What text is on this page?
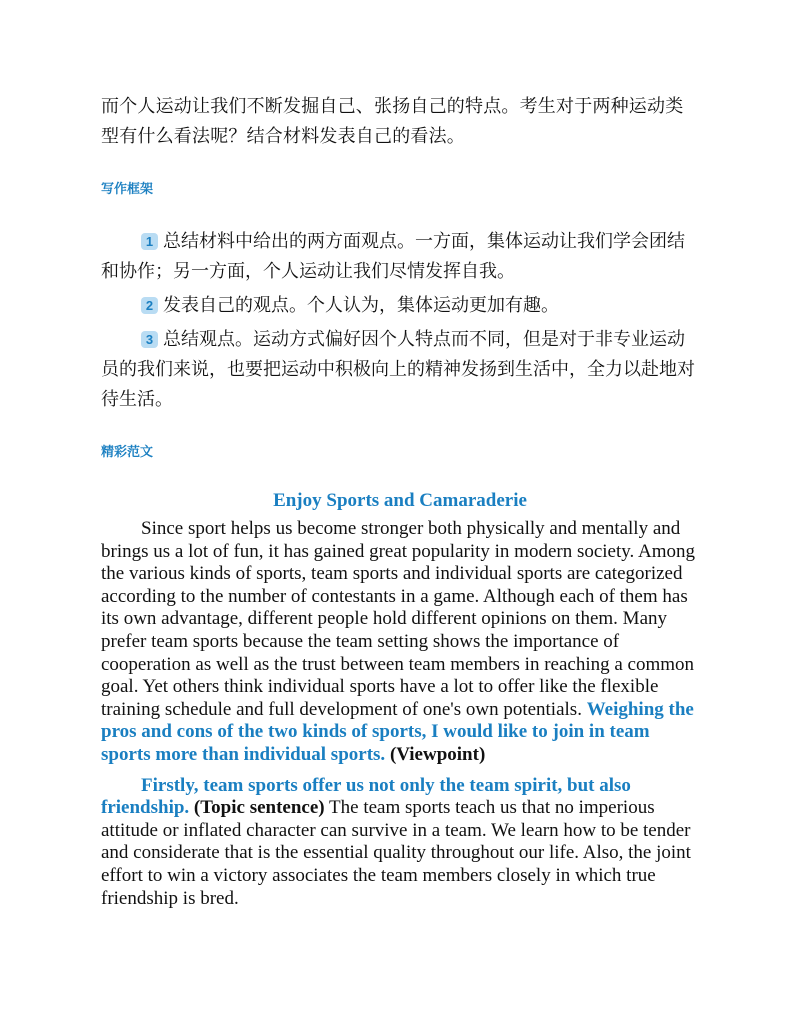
而个人运动让我们不断发掘自己、张扬自己的特点。考生对于两种运动类型有什么看法呢？结合材料发表自己的看法。

写作框架

1 总结材料中给出的两方面观点。一方面，集体运动让我们学会团结和协作；另一方面，个人运动让我们尽情发挥自我。

2 发表自己的观点。个人认为，集体运动更加有趣。

3 总结观点。运动方式偏好因个人特点而不同，但是对于非专业运动员的我们来说，也要把运动中积极向上的精神发扬到生活中，全力以赴地对待生活。

精彩范文

Enjoy Sports and Camaraderie

Since sport helps us become stronger both physically and mentally and brings us a lot of fun, it has gained great popularity in modern society. Among the various kinds of sports, team sports and individual sports are categorized according to the number of contestants in a game. Although each of them has its own advantage, different people hold different opinions on them. Many prefer team sports because the team setting shows the importance of cooperation as well as the trust between team members in reaching a common goal. Yet others think individual sports have a lot to offer like the flexible training schedule and full development of one's own potentials. Weighing the pros and cons of the two kinds of sports, I would like to join in team sports more than individual sports. (Viewpoint)

Firstly, team sports offer us not only the team spirit, but also friendship. (Topic sentence) The team sports teach us that no imperious attitude or inflated character can survive in a team. We learn how to be tender and considerate that is the essential quality throughout our life. Also, the joint effort to win a victory associates the team members closely in which true friendship is bred.
